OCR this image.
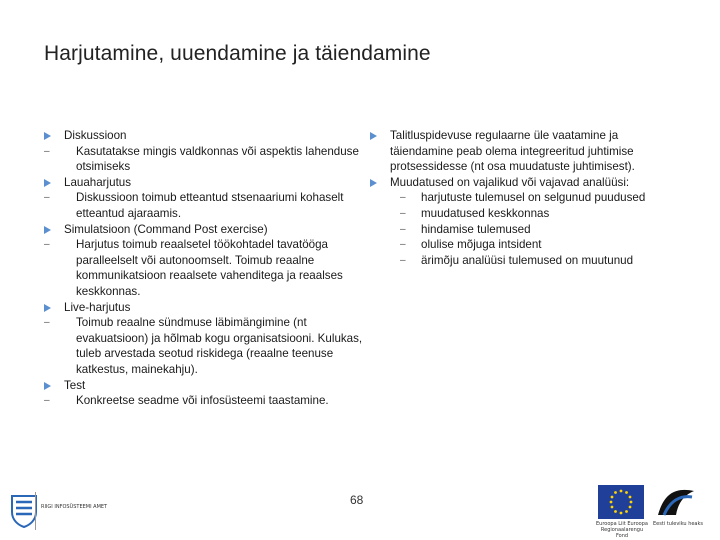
Harjutamine, uuendamine ja täiendamine
Diskussioon
– Kasutatakse mingis valdkonnas või aspektis lahenduse otsimiseks
Lauaharjutus
– Diskussioon toimub etteantud stsenaariumi kohaselt etteantud ajaraamis.
Simulatsioon (Command Post exercise)
– Harjutus toimub reaalsetel töökohtadel tavatööga paralleelselt või autonoomselt. Toimub reaalne kommunikatsioon reaalsete vahenditega ja reaalses keskkonnas.
Live-harjutus
– Toimub reaalne sündmuse läbimängimine (nt evakuatsioon) ja hõlmab kogu organisatsiooni. Kulukas, tuleb arvestada seotud riskidega (reaalne teenuse katkestus, mainekahju).
Test
– Konkreetse seadme või infosüsteemi taastamine.
Talitluspidevuse regulaarne üle vaatamine ja täiendamine peab olema integreeritud juhtimise protsessidesse (nt osa muudatuste juhtimisest).
Muudatused on vajalikud või vajavad analüüsi:
– harjutuste tulemusel on selgunud puudused
– muudatused keskkonnas
– hindamise tulemused
– olulise mõjuga intsident
– ärimõju analüüsi tulemused on muutunud
68
RIIGI INFOSÜSTEEMI AMET
Euroopa Liit Euroopa Regionaalarengu Fond
Eesti tuleviku heaks
